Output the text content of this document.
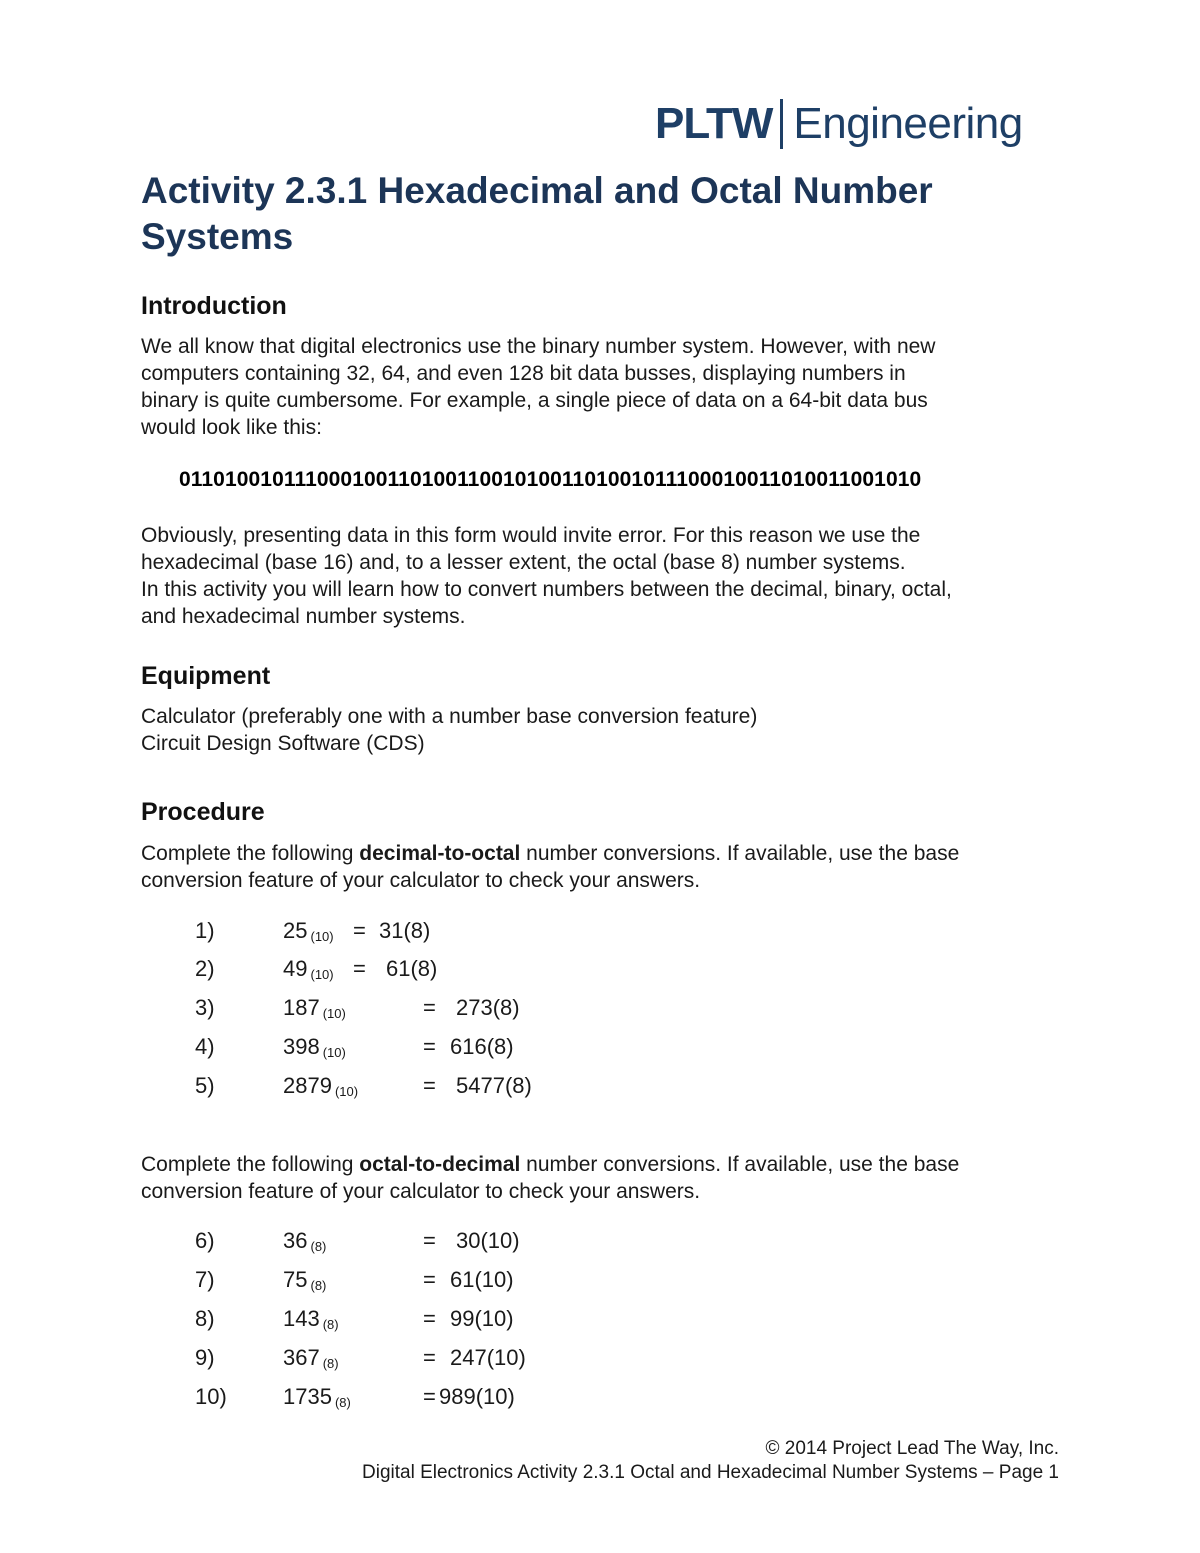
PLTW Engineering
Activity 2.3.1 Hexadecimal and Octal Number Systems
Introduction

We all know that digital electronics use the binary number system. However, with new
computers containing 32, 64, and even 128 bit data busses, displaying numbers in
binary is quite cumbersome. For example, a single piece of data on a 64-bit data bus
would look like this:

0110100101110001001101001100101001101001011100010011010011001010

Obviously, presenting data in this form would invite error. For this reason we use the
hexadecimal (base 16) and, to a lesser extent, the octal (base 8) number systems.
In this activity you will learn how to convert numbers between the decimal, binary, octal,
and hexadecimal number systems.

Equipment

Calculator (preferably one with a number base conversion feature)
Circuit Design Software (CDS)

Procedure

Complete the following decimal-to-octal number conversions. If available, use the base
conversion feature of your calculator to check your answers.

1)	25 $_{(10)}$ = 31(8)
2)	49 $_{(10)}$ = 61(8)
3)	187 $_{(10)}$	= 273(8)
4)	398 $_{(10)}$	= 616(8)
5)	2879 $_{(10)}$	= 5477(8)

Complete the following octal-to-decimal number conversions. If available, use the base
conversion feature of your calculator to check your answers.

6)	36 $_{(8)}$	= 30(10)
7)	75 $_{(8)}$	= 61(10)
8)	143 $_{(8)}$	= 99(10)
9)	367 $_{(8)}$	= 247(10)
10)	1735 $_{(8)}$	= 989(10)
© 2014 Project Lead The Way, Inc.
Digital Electronics Activity 2.3.1 Octal and Hexadecimal Number Systems – Page 1
